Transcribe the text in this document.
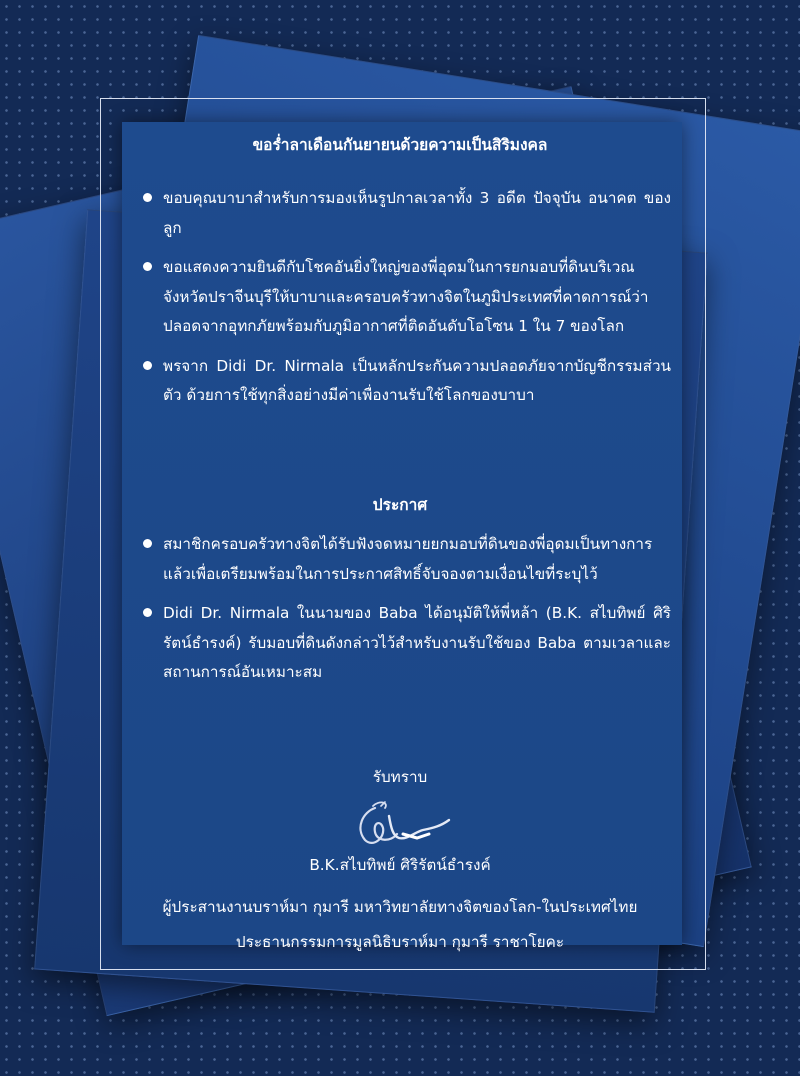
ขอร่ำลาเดือนกันยายนด้วยความเป็นสิริมงคล
ขอบคุณบาบาสำหรับการมองเห็นรูปกาลเวลาทั้ง 3 อดีต ปัจจุบัน อนาคต ของลูก
ขอแสดงความยินดีกับโชคอันยิ่งใหญ่ของพี่อุดมในการยกมอบที่ดินบริเวณจังหวัดปราจีนบุรีให้บาบาและครอบครัวทางจิตในภูมิประเทศที่คาดการณ์ว่าปลอดจากอุทกภัยพร้อมกับภูมิอากาศที่ติดอันดับโอโซน 1 ใน 7 ของโลก
พรจาก Didi Dr. Nirmala เป็นหลักประกันความปลอดภัยจากบัญชีกรรมส่วนตัว ด้วยการใช้ทุกสิ่งอย่างมีค่าเพื่องานรับใช้โลกของบาบา
ประกาศ
สมาชิกครอบครัวทางจิตได้รับฟังจดหมายยกมอบที่ดินของพี่อุดมเป็นทางการแล้วเพื่อเตรียมพร้อมในการประกาศสิทธิ์จับจองตามเงื่อนไขที่ระบุไว้
Didi Dr. Nirmala ในนามของ Baba ได้อนุมัติให้พี่หล้า (B.K. สไบทิพย์ ศิริรัตน์ธำรงค์) รับมอบที่ดินดังกล่าวไว้สำหรับงานรับใช้ของ Baba ตามเวลาและสถานการณ์อันเหมาะสม
รับทราบ
B.K.สไบทิพย์ ศิริรัตน์ธำรงค์
ผู้ประสานงานบราห์มา กุมารี มหาวิทยาลัยทางจิตของโลก-ในประเทศไทย
ประธานกรรมการมูลนิธิบราห์มา กุมารี ราชาโยคะ
